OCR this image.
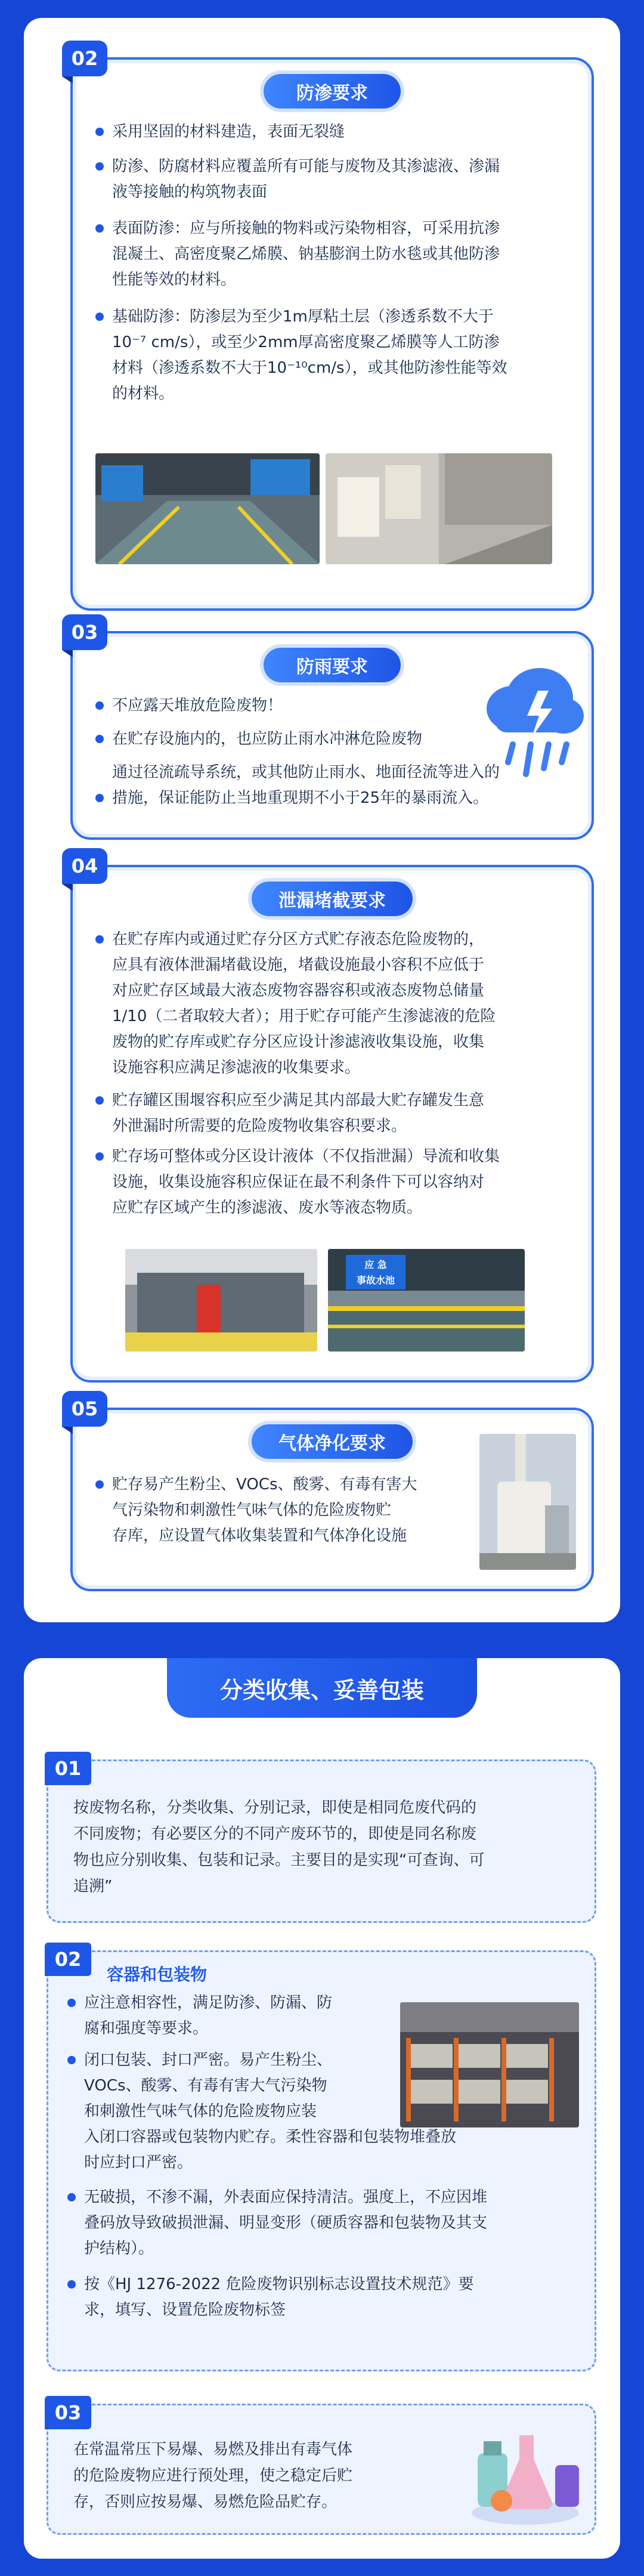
02
防渗要求

采用坚固的材料建造，表面无裂缝

防渗、防腐材料应覆盖所有可能与废物及其渗滤液、渗漏

液等接触的构筑物表面

表面防渗：应与所接触的物料或污染物相容，可采用抗渗

混凝土、高密度聚乙烯膜、钠基膨润土防水毯或其他防渗

性能等效的材料。

基础防渗：防渗层为至少1m厚粘土层（渗透系数不大于

10⁻⁷ cm/s），或至少2mm厚高密度聚乙烯膜等人工防渗

材料（渗透系数不大于10⁻¹⁰cm/s），或其他防渗性能等效

的材料。

03
防雨要求

不应露天堆放危险废物！

在贮存设施内的，也应防止雨水冲淋危险废物

通过径流疏导系统，或其他防止雨水、地面径流等进入的

措施，保证能防止当地重现期不小于25年的暴雨流入。

04
泄漏堵截要求

在贮存库内或通过贮存分区方式贮存液态危险废物的，

应具有液体泄漏堵截设施，堵截设施最小容积不应低于

对应贮存区域最大液态废物容器容积或液态废物总储量

1/10（二者取较大者）；用于贮存可能产生渗滤液的危险

废物的贮存库或贮存分区应设计渗滤液收集设施，收集

设施容积应满足渗滤液的收集要求。

贮存罐区围堰容积应至少满足其内部最大贮存罐发生意

外泄漏时所需要的危险废物收集容积要求。

贮存场可整体或分区设计液体（不仅指泄漏）导流和收集

设施，收集设施容积应保证在最不利条件下可以容纳对

应贮存区域产生的渗滤液、废水等液态物质。

应 急
事故水池
05
气体净化要求

贮存易产生粉尘、VOCs、酸雾、有毒有害大

气污染物和刺激性气味气体的危险废物贮

存库，应设置气体收集装置和气体净化设施

分类收集、妥善包装
01
按废物名称，分类收集、分别记录，即使是相同危废代码的
不同废物；有必要区分的不同产废环节的，即使是同名称废
物也应分别收集、包装和记录。主要目的是实现“可查询、可
追溯”
02
容器和包装物

应注意相容性，满足防渗、防漏、防

腐和强度等要求。

闭口包装、封口严密。易产生粉尘、

VOCs、酸雾、有毒有害大气污染物

和刺激性气味气体的危险废物应装

入闭口容器或包装物内贮存。柔性容器和包装物堆叠放

时应封口严密。

无破损，不渗不漏，外表面应保持清洁。强度上，不应因堆

叠码放导致破损泄漏、明显变形（硬质容器和包装物及其支

护结构）。

按《HJ 1276-2022 危险废物识别标志设置技术规范》要

求，填写、设置危险废物标签

03
在常温常压下易爆、易燃及排出有毒气体
的危险废物应进行预处理，使之稳定后贮
存，否则应按易爆、易燃危险品贮存。
